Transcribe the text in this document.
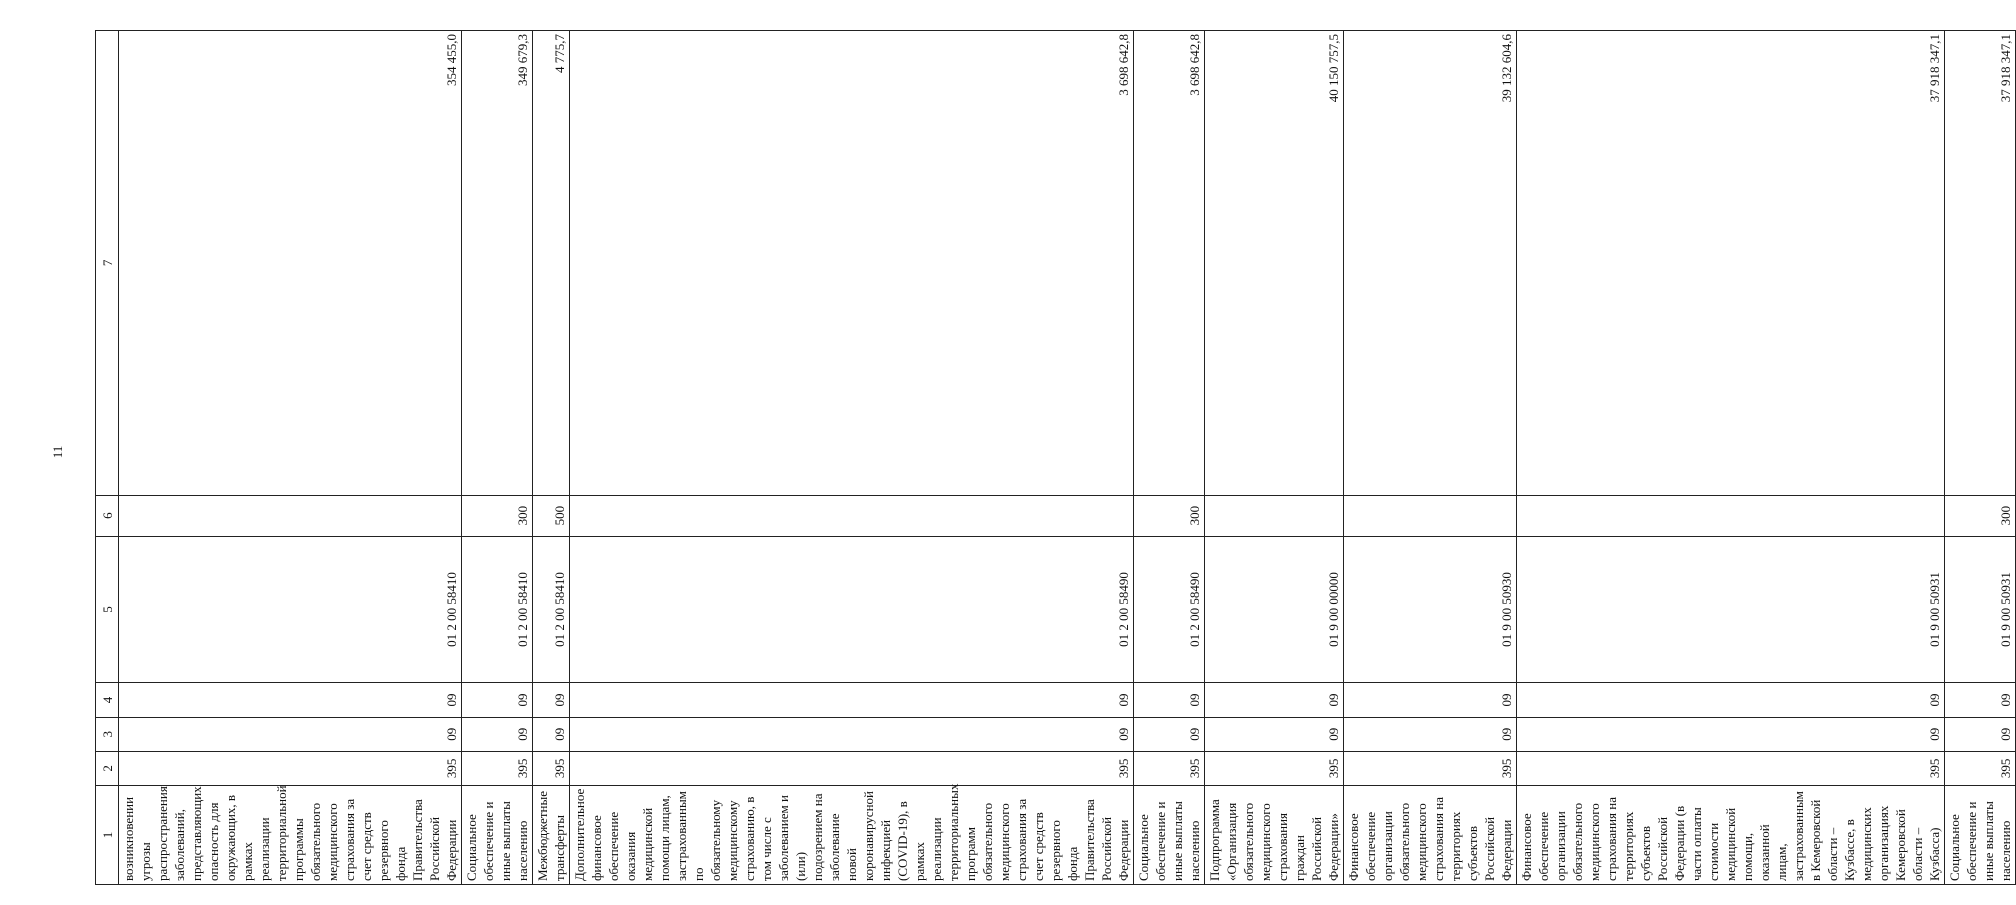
11
1	2	3	4	5	6	7
возникновении угрозы распространения заболеваний, представляющих опасность для окружающих, в рамках реализации территориальной программы обязательного медицинского страхования за счет средств резервного фонда Правительства Российской Федерации	395	09	09	01 2 00 58410		354 455,0
Социальное обеспечение и иные выплаты населению	395	09	09	01 2 00 58410	300	349 679,3
Межбюджетные трансферты	395	09	09	01 2 00 58410	500	4 775,7
Дополнительное финансовое обеспечение оказания медицинской помощи лицам, застрахованным по обязательному медицинскому страхованию, в том числе с заболеванием и (или) подозрением на заболевание новой коронавирусной инфекцией (COVID-19), в рамках реализации территориальных программ обязательного медицинского страхования за счет средств резервного фонда Правительства Российской Федерации	395	09	09	01 2 00 58490		3 698 642,8
Социальное обеспечение и иные выплаты населению	395	09	09	01 2 00 58490	300	3 698 642,8
Подпрограмма «Организация обязательного медицинского страхования граждан Российской Федерации»	395	09	09	01 9 00 00000		40 150 757,5
Финансовое обеспечение организации обязательного медицинского страхования на территориях субъектов Российской Федерации	395	09	09	01 9 00 50930		39 132 604,6
Финансовое обеспечение организации обязательного медицинского страхования на территориях субъектов Российской Федерации (в части оплаты стоимости медицинской помощи, оказанной лицам, застрахованным в Кемеровской области – Кузбассе, в медицинских организациях Кемеровской области – Кузбасса)	395	09	09	01 9 00 50931		37 918 347,1
Социальное обеспечение и иные выплаты населению	395	09	09	01 9 00 50931	300	37 918 347,1
